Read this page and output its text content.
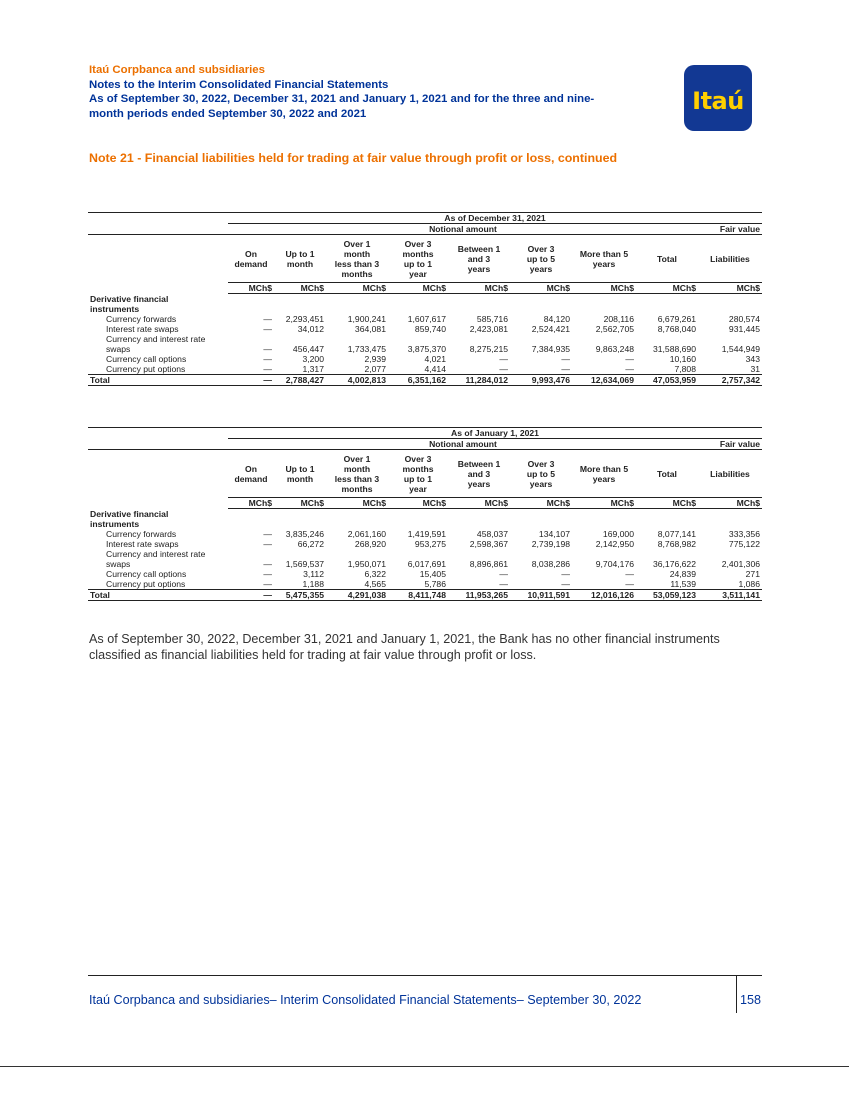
Itaú Corpbanca and subsidiaries
Notes to the Interim Consolidated Financial Statements
As of September 30, 2022, December 31, 2021 and January 1, 2021 and for the three and nine-
month periods ended September 30, 2022 and 2021	Itaú
Note 21 - Financial liabilities held for trading at fair value through profit or loss, continued

	As of December 31, 2021								
	Notional amount								Fair value
	On
demand	Up to 1
month	Over 1
month
less than 3
months	Over 3
months
up to 1
year	Between 1
and 3
years	Over 3
up to 5
years	More than 5
years	Total	Liabilities
	MCh$	MCh$	MCh$	MCh$	MCh$	MCh$	MCh$	MCh$	MCh$

Derivative financial instruments									

Currency forwards	—	2,293,451	1,900,241	1,607,617	585,716	84,120	208,116	6,679,261	280,574

Interest rate swaps	—	34,012	364,081	859,740	2,423,081	2,524,421	2,562,705	8,768,040	931,445

Currency and interest rate swaps	—	456,447	1,733,475	3,875,370	8,275,215	7,384,935	9,863,248	31,588,690	1,544,949

Currency call options	—	3,200	2,939	4,021	—	—	—	10,160	343

Currency put options	—	1,317	2,077	4,414	—	—	—	7,808	31
Total	—	2,788,427	4,002,813	6,351,162	11,284,012	9,993,476	12,634,069	47,053,959	2,757,342

	As of January 1, 2021								
	Notional amount								Fair value
	On
demand	Up to 1
month	Over 1
month
less than 3
months	Over 3
months
up to 1
year	Between 1
and 3
years	Over 3
up to 5
years	More than 5
years	Total	Liabilities
	MCh$	MCh$	MCh$	MCh$	MCh$	MCh$	MCh$	MCh$	MCh$

Derivative financial instruments									

Currency forwards	—	3,835,246	2,061,160	1,419,591	458,037	134,107	169,000	8,077,141	333,356

Interest rate swaps	—	66,272	268,920	953,275	2,598,367	2,739,198	2,142,950	8,768,982	775,122

Currency and interest rate swaps	—	1,569,537	1,950,071	6,017,691	8,896,861	8,038,286	9,704,176	36,176,622	2,401,306

Currency call options	—	3,112	6,322	15,405	—	—	—	24,839	271

Currency put options	—	1,188	4,565	5,786	—	—	—	11,539	1,086
Total	—	5,475,355	4,291,038	8,411,748	11,953,265	10,911,591	12,016,126	53,059,123	3,511,141
As of September 30, 2022, December 31, 2021 and January 1, 2021, the Bank has no other financial instruments classified as financial liabilities held for trading at fair value through profit or loss.
Itaú Corpbanca and subsidiaries– Interim Consolidated Financial Statements– September 30, 2022	158
